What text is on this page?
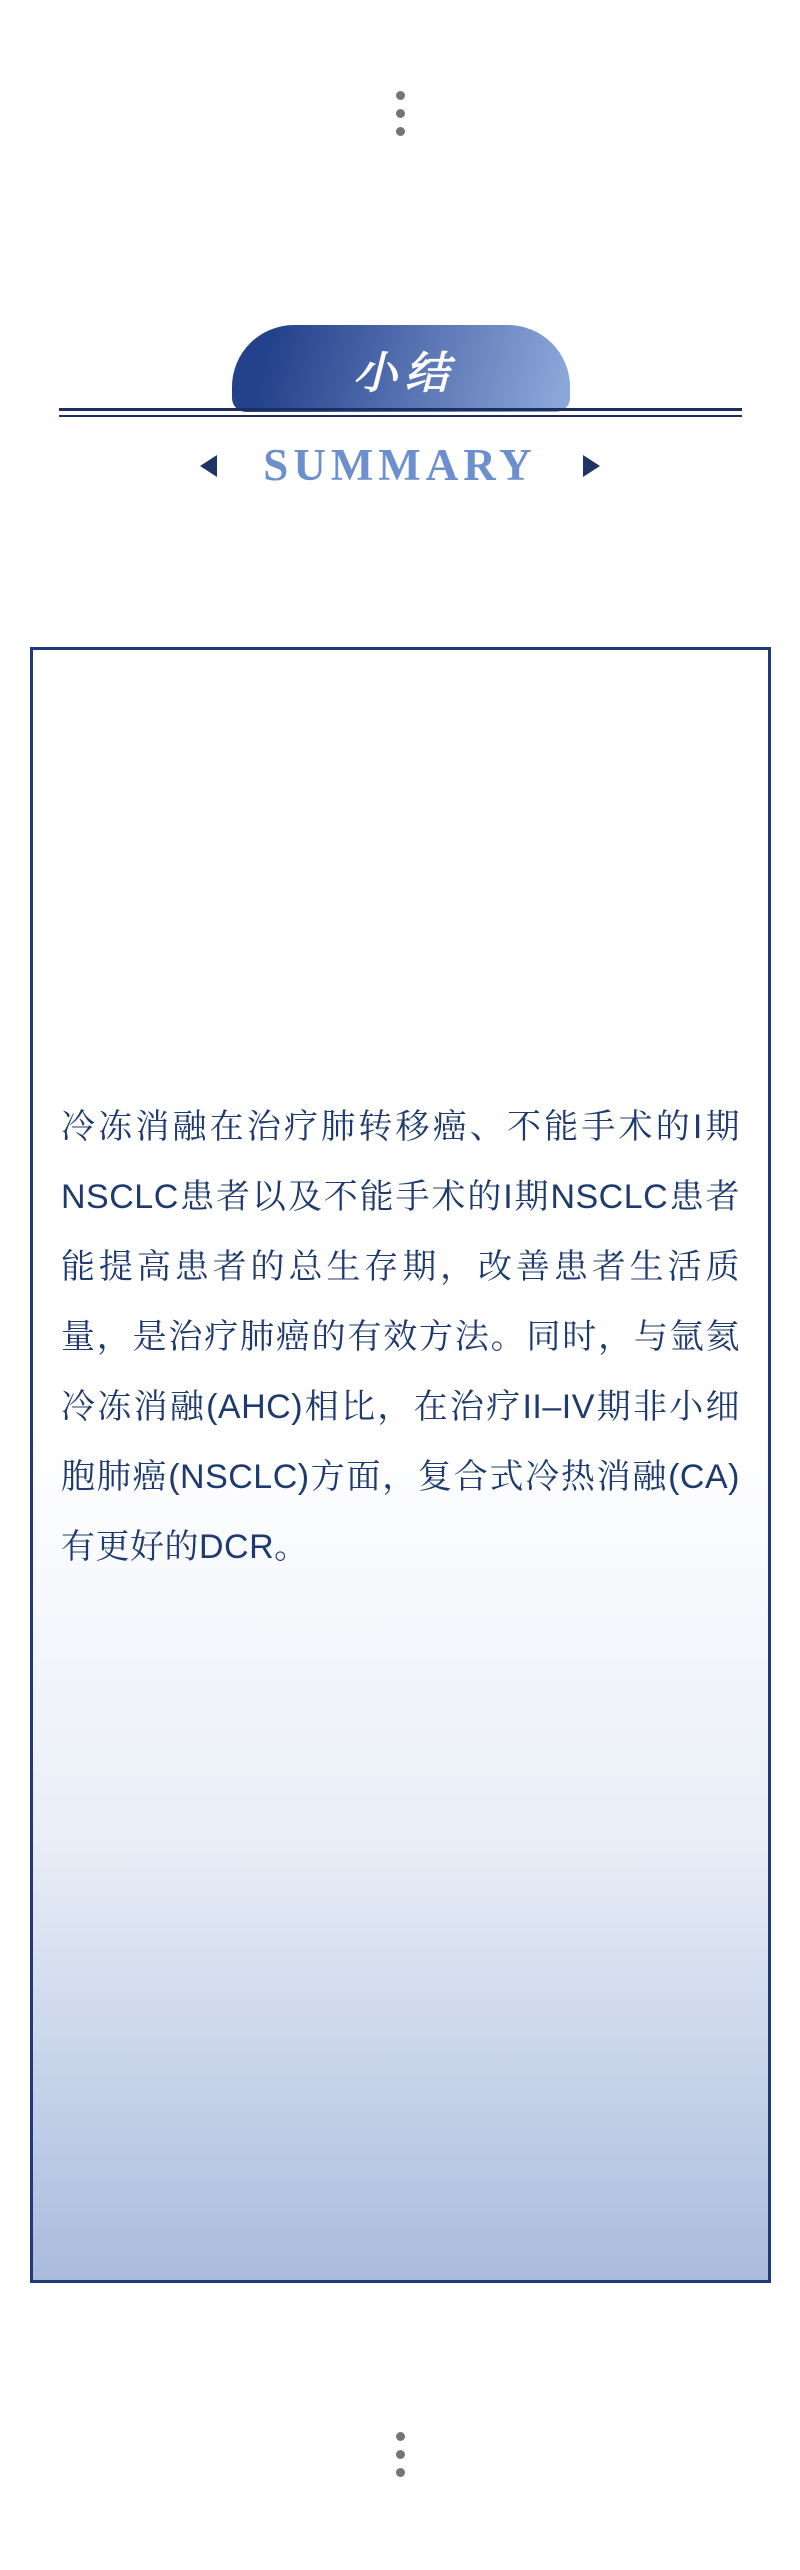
小结
SUMMARY

冷冻消融在治疗肺转移癌、不能手术的I期NSCLC患者以及不能手术的I期NSCLC患者能提高患者的总生存期，改善患者生活质量，是治疗肺癌的有效方法。同时，与氩氦冷冻消融(AHC)相比，在治疗II–IV期非小细胞肺癌(NSCLC)方面，复合式冷热消融(CA)有更好的DCR。
